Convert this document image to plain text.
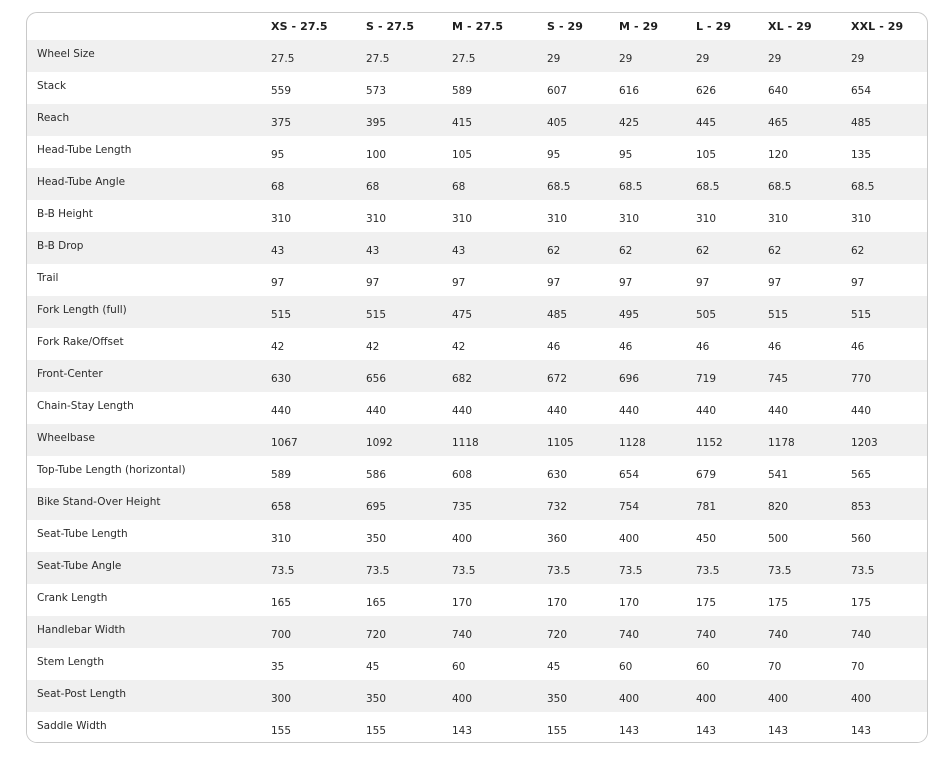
	XS - 27.5	S - 27.5	M - 27.5	S - 29	M - 29	L - 29	XL - 29	XXL - 29
Wheel Size	27.5	27.5	27.5	29	29	29	29	29
Stack	559	573	589	607	616	626	640	654
Reach	375	395	415	405	425	445	465	485
Head-Tube Length	95	100	105	95	95	105	120	135
Head-Tube Angle	68	68	68	68.5	68.5	68.5	68.5	68.5
B-B Height	310	310	310	310	310	310	310	310
B-B Drop	43	43	43	62	62	62	62	62
Trail	97	97	97	97	97	97	97	97
Fork Length (full)	515	515	475	485	495	505	515	515
Fork Rake/Offset	42	42	42	46	46	46	46	46
Front-Center	630	656	682	672	696	719	745	770
Chain-Stay Length	440	440	440	440	440	440	440	440
Wheelbase	1067	1092	1118	1105	1128	1152	1178	1203
Top-Tube Length (horizontal)	589	586	608	630	654	679	541	565
Bike Stand-Over Height	658	695	735	732	754	781	820	853
Seat-Tube Length	310	350	400	360	400	450	500	560
Seat-Tube Angle	73.5	73.5	73.5	73.5	73.5	73.5	73.5	73.5
Crank Length	165	165	170	170	170	175	175	175
Handlebar Width	700	720	740	720	740	740	740	740
Stem Length	35	45	60	45	60	60	70	70
Seat-Post Length	300	350	400	350	400	400	400	400
Saddle Width	155	155	143	155	143	143	143	143
